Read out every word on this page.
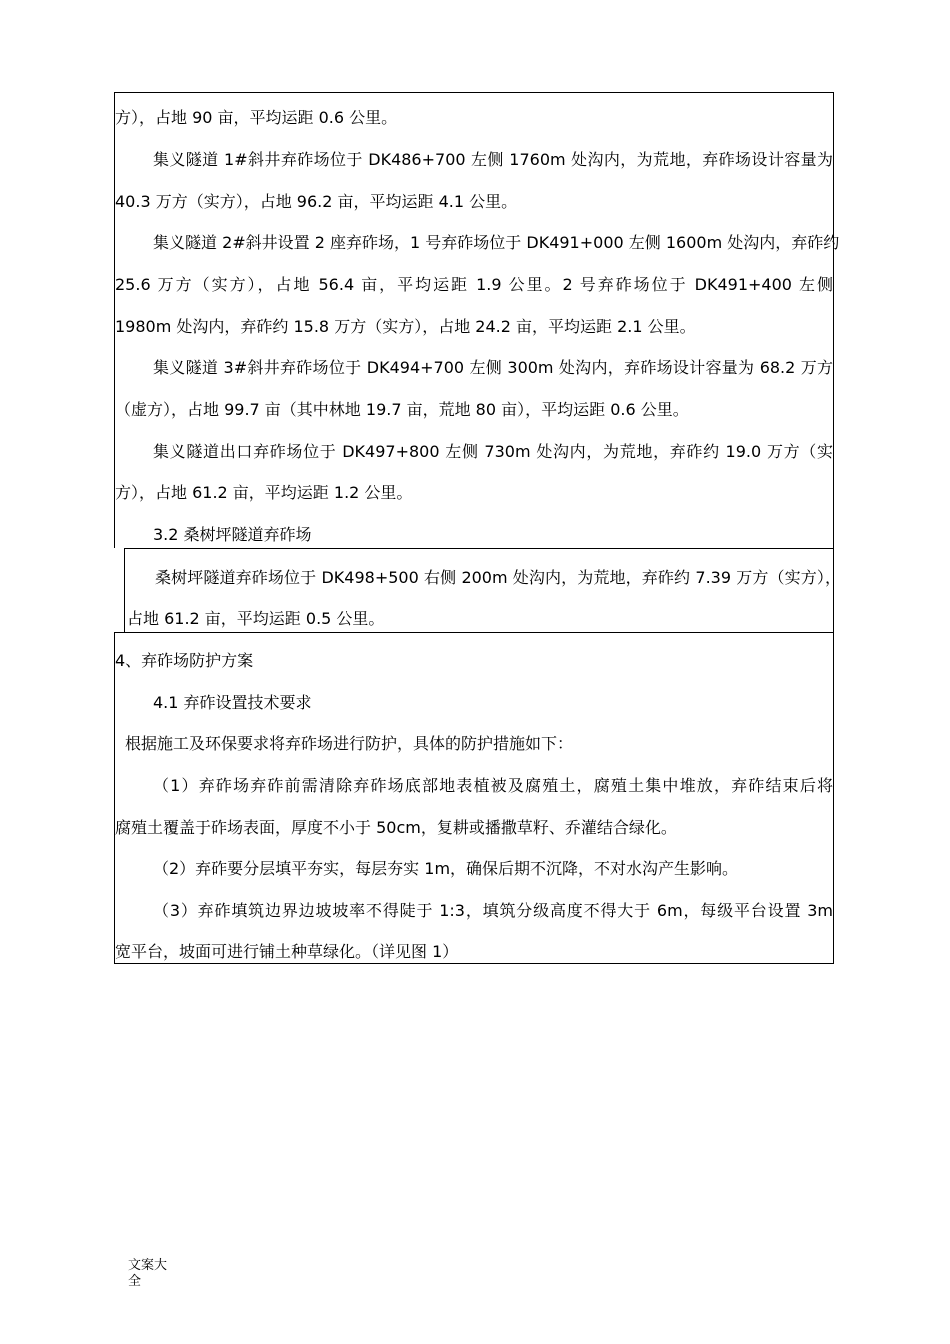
方），占地 90 亩，平均运距 0.6 公里。
集义隧道 1#斜井弃砟场位于 DK486+700 左侧 1760m 处沟内，为荒地，弃砟场设计容量为
40.3 万方（实方），占地 96.2 亩，平均运距 4.1 公里。
集义隧道 2#斜井设置 2 座弃砟场，1 号弃砟场位于 DK491+000 左侧 1600m 处沟内，弃砟约
25.6 万方（实方），占地 56.4 亩，平均运距 1.9 公里。2 号弃砟场位于 DK491+400 左侧
1980m 处沟内，弃砟约 15.8 万方（实方），占地 24.2 亩，平均运距 2.1 公里。
集义隧道 3#斜井弃砟场位于 DK494+700 左侧 300m 处沟内，弃砟场设计容量为 68.2 万方
（虚方），占地 99.7 亩（其中林地 19.7 亩，荒地 80 亩），平均运距 0.6 公里。
集义隧道出口弃砟场位于 DK497+800 左侧 730m 处沟内，为荒地，弃砟约 19.0 万方（实
方），占地 61.2 亩，平均运距 1.2 公里。
3.2 桑树坪隧道弃砟场
桑树坪隧道弃砟场位于 DK498+500 右侧 200m 处沟内，为荒地，弃砟约 7.39 万方（实方），
占地 61.2 亩，平均运距 0.5 公里。
4、弃砟场防护方案
4.1 弃砟设置技术要求
根据施工及环保要求将弃砟场进行防护，具体的防护措施如下：
（1）弃砟场弃砟前需清除弃砟场底部地表植被及腐殖土，腐殖土集中堆放，弃砟结束后将
腐殖土覆盖于砟场表面，厚度不小于 50cm，复耕或播撒草籽、乔灌结合绿化。
（2）弃砟要分层填平夯实，每层夯实 1m，确保后期不沉降，不对水沟产生影响。
（3）弃砟填筑边界边坡坡率不得陡于 1:3，填筑分级高度不得大于 6m，每级平台设置 3m
宽平台，坡面可进行铺土种草绿化。（详见图 1）
文案大全
